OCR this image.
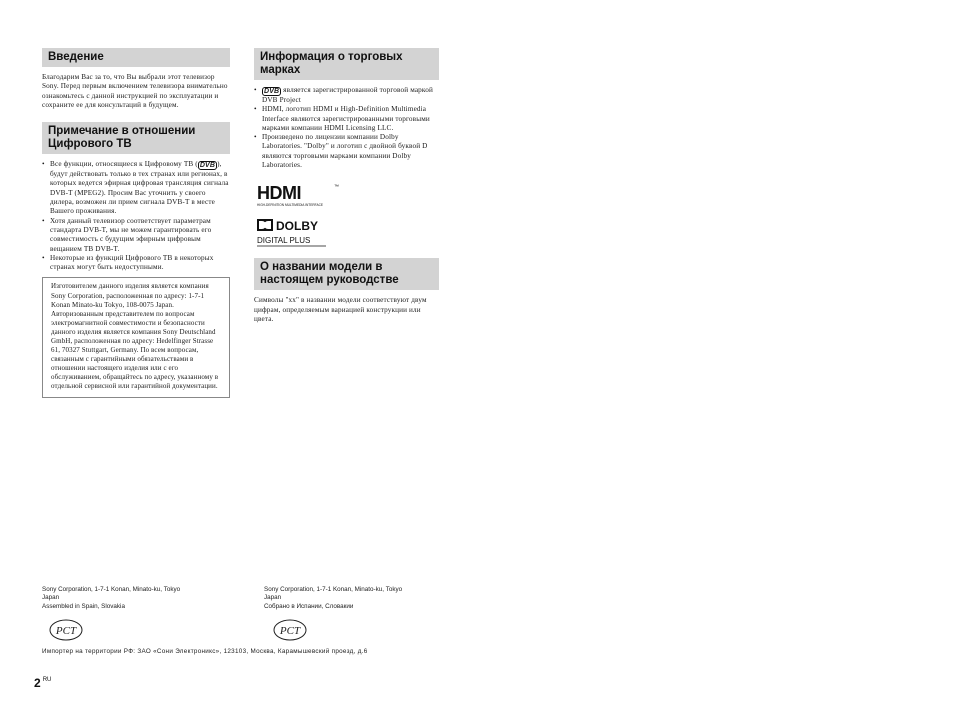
Введение

Благодарим Вас за то, что Вы выбрали этот телевизор Sony. Перед первым включением телевизора внимательно ознакомьтесь с данной инструкцией по эксплуатации и сохраните ее для консультаций в будущем.

Примечание в отношении Цифрового ТВ
• Все функции, относящиеся к Цифровому ТВ ( DVB ), будут действовать только в тех странах или регионах, в которых ведется эфирная цифровая трансляция сигнала DVB-T (MPEG2). Просим Вас уточнить у своего дилера, возможен ли прием сигнала DVB-T в месте Вашего проживания.
• Хотя данный телевизор соответствует параметрам стандарта DVB-T, мы не можем гарантировать его совместимость с будущим эфирным цифровым вещанием ТВ DVB-T.
• Некоторые из функций Цифрового ТВ в некоторых странах могут быть недоступными.

Изготовителем данного изделия является компания Sony Corporation, расположенная по адресу: 1-7-1 Konan Minato-ku Tokyo, 108-0075 Japan. Авторизованным представителем по вопросам электромагнитной совместимости и безопасности данного изделия является компания Sony Deutschland GmbH, расположенная по адресу: Hedelfinger Strasse 61, 70327 Stuttgart, Germany. По всем вопросам, связанным с гарантийными обязательствами в отношении настоящего изделия или с его обслуживанием, обращайтесь по адресу, указанному в отдельной сервисной или гарантийной документации.

Информация о торговых марках
• DVB является зарегистрированной торговой маркой DVB Project
• HDMI, логотип HDMI и High-Definition Multimedia Interface являются зарегистрированными торговыми марками компании HDMI Licensing LLC.
• Произведено по лицензии компании Dolby Laboratories. "Dolby" и логотип с двойной буквой D являются торговыми марками компании Dolby Laboratories.
HDMI	™
HIGH-DEFINITION MULTIMEDIA INTERFACE
DOLBY
DIGITAL PLUS
О названии модели в настоящем руководстве

Символы "xx" в названии модели соответствуют двум цифрам, определяемым вариацией конструкции или цвета.

Sony Corporation, 1-7-1 Konan, Minato-ku, Tokyo
Japan
Assembled in Spain, Slovakia
Sony Corporation, 1-7-1 Konan, Minato-ku, Tokyo
Japan
Собрано в Испании, Словакии
PCT	PCT
Импортер на территории РФ: ЗАО «Сони Электроникс», 123103, Москва, Карамышевский проезд, д.6
2 $^{RU}$
